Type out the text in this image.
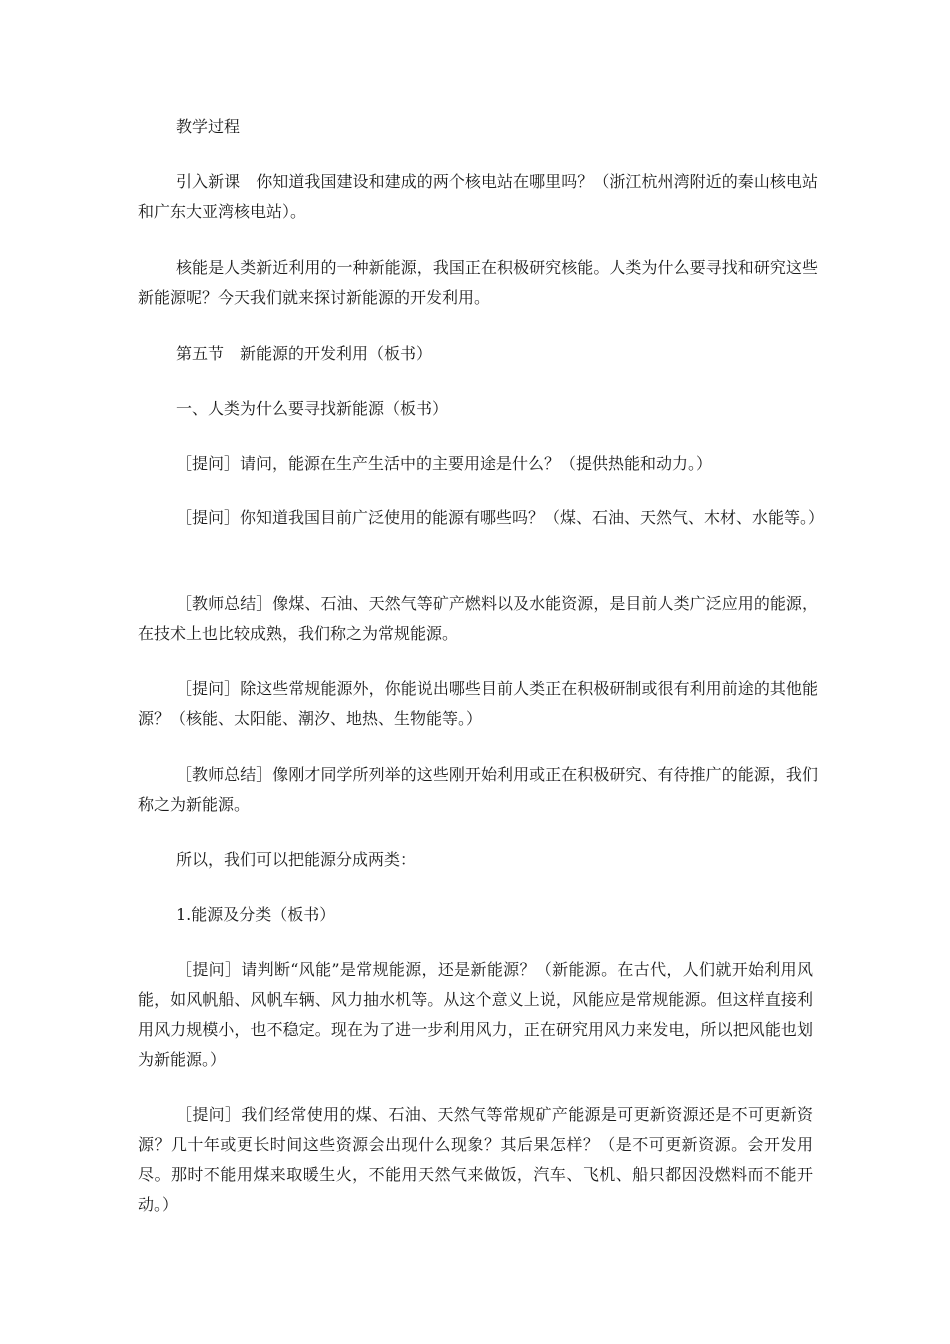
教学过程

引入新课　你知道我国建设和建成的两个核电站在哪里吗？（浙江杭州湾附近的秦山核电站和广东大亚湾核电站）。

核能是人类新近利用的一种新能源，我国正在积极研究核能。人类为什么要寻找和研究这些新能源呢？今天我们就来探讨新能源的开发利用。

第五节　新能源的开发利用（板书）

一、人类为什么要寻找新能源（板书）

［提问］请问，能源在生产生活中的主要用途是什么？（提供热能和动力。）

［提问］你知道我国目前广泛使用的能源有哪些吗？（煤、石油、天然气、木材、水能等。）

［教师总结］像煤、石油、天然气等矿产燃料以及水能资源，是目前人类广泛应用的能源，在技术上也比较成熟，我们称之为常规能源。

［提问］除这些常规能源外，你能说出哪些目前人类正在积极研制或很有利用前途的其他能源？（核能、太阳能、潮汐、地热、生物能等。）

［教师总结］像刚才同学所列举的这些刚开始利用或正在积极研究、有待推广的能源，我们称之为新能源。

所以，我们可以把能源分成两类：

1.能源及分类（板书）

［提问］请判断“风能”是常规能源，还是新能源？（新能源。在古代，人们就开始利用风能，如风帆船、风帆车辆、风力抽水机等。从这个意义上说，风能应是常规能源。但这样直接利用风力规模小，也不稳定。现在为了进一步利用风力，正在研究用风力来发电，所以把风能也划为新能源。）

［提问］我们经常使用的煤、石油、天然气等常规矿产能源是可更新资源还是不可更新资源？几十年或更长时间这些资源会出现什么现象？其后果怎样？（是不可更新资源。会开发用尽。那时不能用煤来取暖生火，不能用天然气来做饭，汽车、飞机、船只都因没燃料而不能开动。）
